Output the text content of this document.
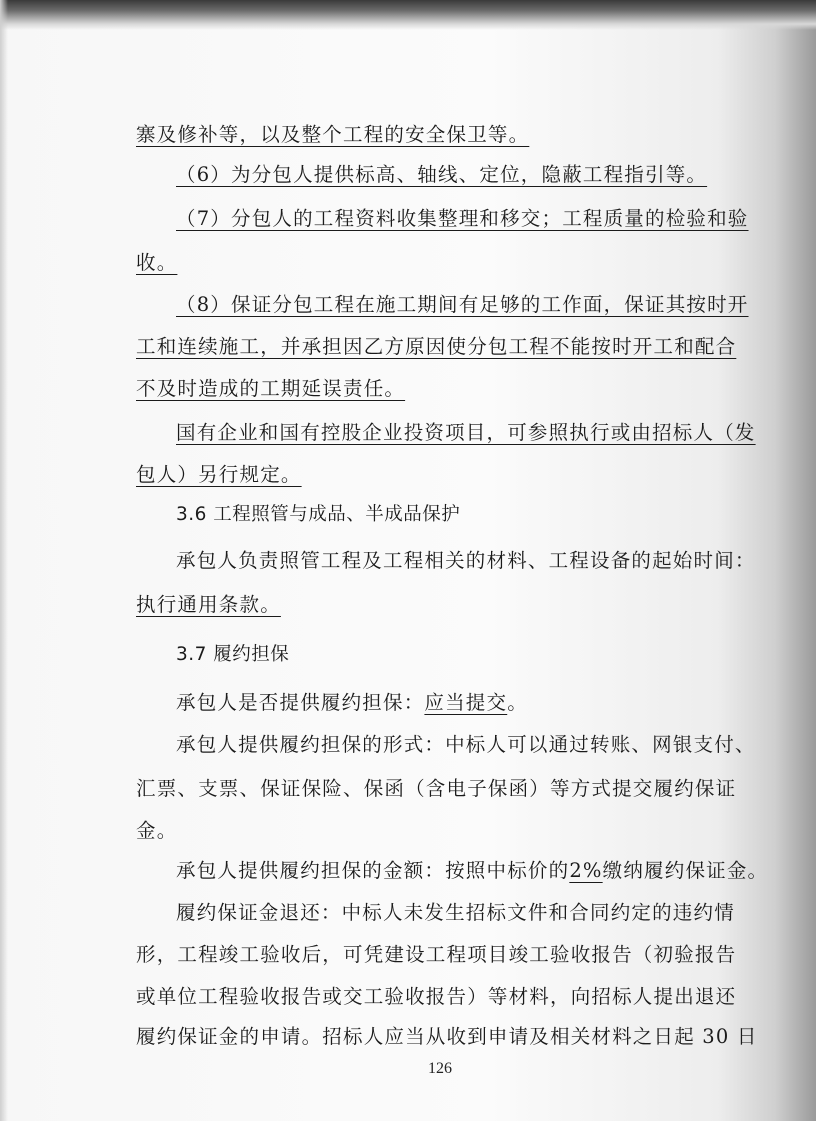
寨及修补等，以及整个工程的安全保卫等。
（6）为分包人提供标高、轴线、定位，隐蔽工程指引等。
（7）分包人的工程资料收集整理和移交；工程质量的检验和验
收。
（8）保证分包工程在施工期间有足够的工作面，保证其按时开
工和连续施工，并承担因乙方原因使分包工程不能按时开工和配合
不及时造成的工期延误责任。
国有企业和国有控股企业投资项目，可参照执行或由招标人（发
包人）另行规定。
3.6 工程照管与成品、半成品保护
承包人负责照管工程及工程相关的材料、工程设备的起始时间：
执行通用条款。
3.7 履约担保
承包人是否提供履约担保：应当提交。
承包人提供履约担保的形式：中标人可以通过转账、网银支付、
汇票、支票、保证保险、保函（含电子保函）等方式提交履约保证
金。
承包人提供履约担保的金额：按照中标价的2%缴纳履约保证金。
履约保证金退还：中标人未发生招标文件和合同约定的违约情
形，工程竣工验收后，可凭建设工程项目竣工验收报告（初验报告
或单位工程验收报告或交工验收报告）等材料，向招标人提出退还
履约保证金的申请。招标人应当从收到申请及相关材料之日起 30 日
126
